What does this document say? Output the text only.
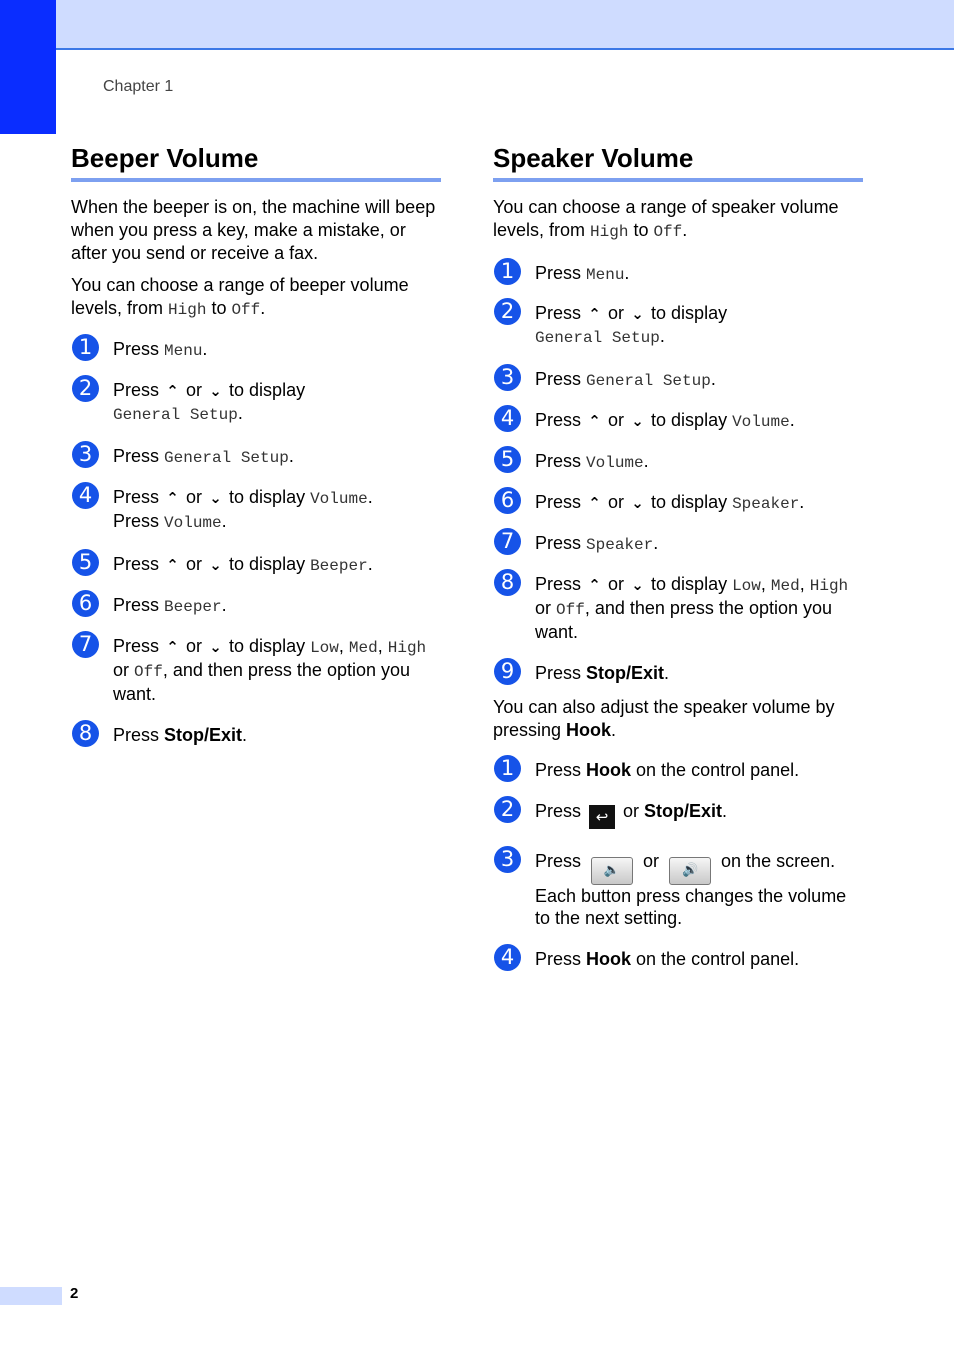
Chapter 1
Beeper Volume

When the beeper is on, the machine will beep when you press a key, make a mistake, or after you send or receive a fax.

You can choose a range of beeper volume levels, from High to Off.

1	Press Menu.
2	Press ⌃ or ⌄ to display
General Setup.
3	Press General Setup.
4	Press ⌃ or ⌄ to display Volume.
Press Volume.
5	Press ⌃ or ⌄ to display Beeper.
6	Press Beeper.
7	Press ⌃ or ⌄ to display Low, Med, High
or Off, and then press the option you want.
8	Press Stop/Exit.
Speaker Volume

You can choose a range of speaker volume levels, from High to Off.

1	Press Menu.
2	Press ⌃ or ⌄ to display
General Setup.
3	Press General Setup.
4	Press ⌃ or ⌄ to display Volume.
5	Press Volume.
6	Press ⌃ or ⌄ to display Speaker.
7	Press Speaker.
8	Press ⌃ or ⌄ to display Low, Med, High
or Off, and then press the option you want.
9	Press Stop/Exit.

You can also adjust the speaker volume by pressing Hook.

1	Press Hook on the control panel.
2	Press ↩ or Stop/Exit.
3	Press 🔈 or 🔊 on the screen.
Each button press changes the volume to the next setting.
4	Press Hook on the control panel.
2
